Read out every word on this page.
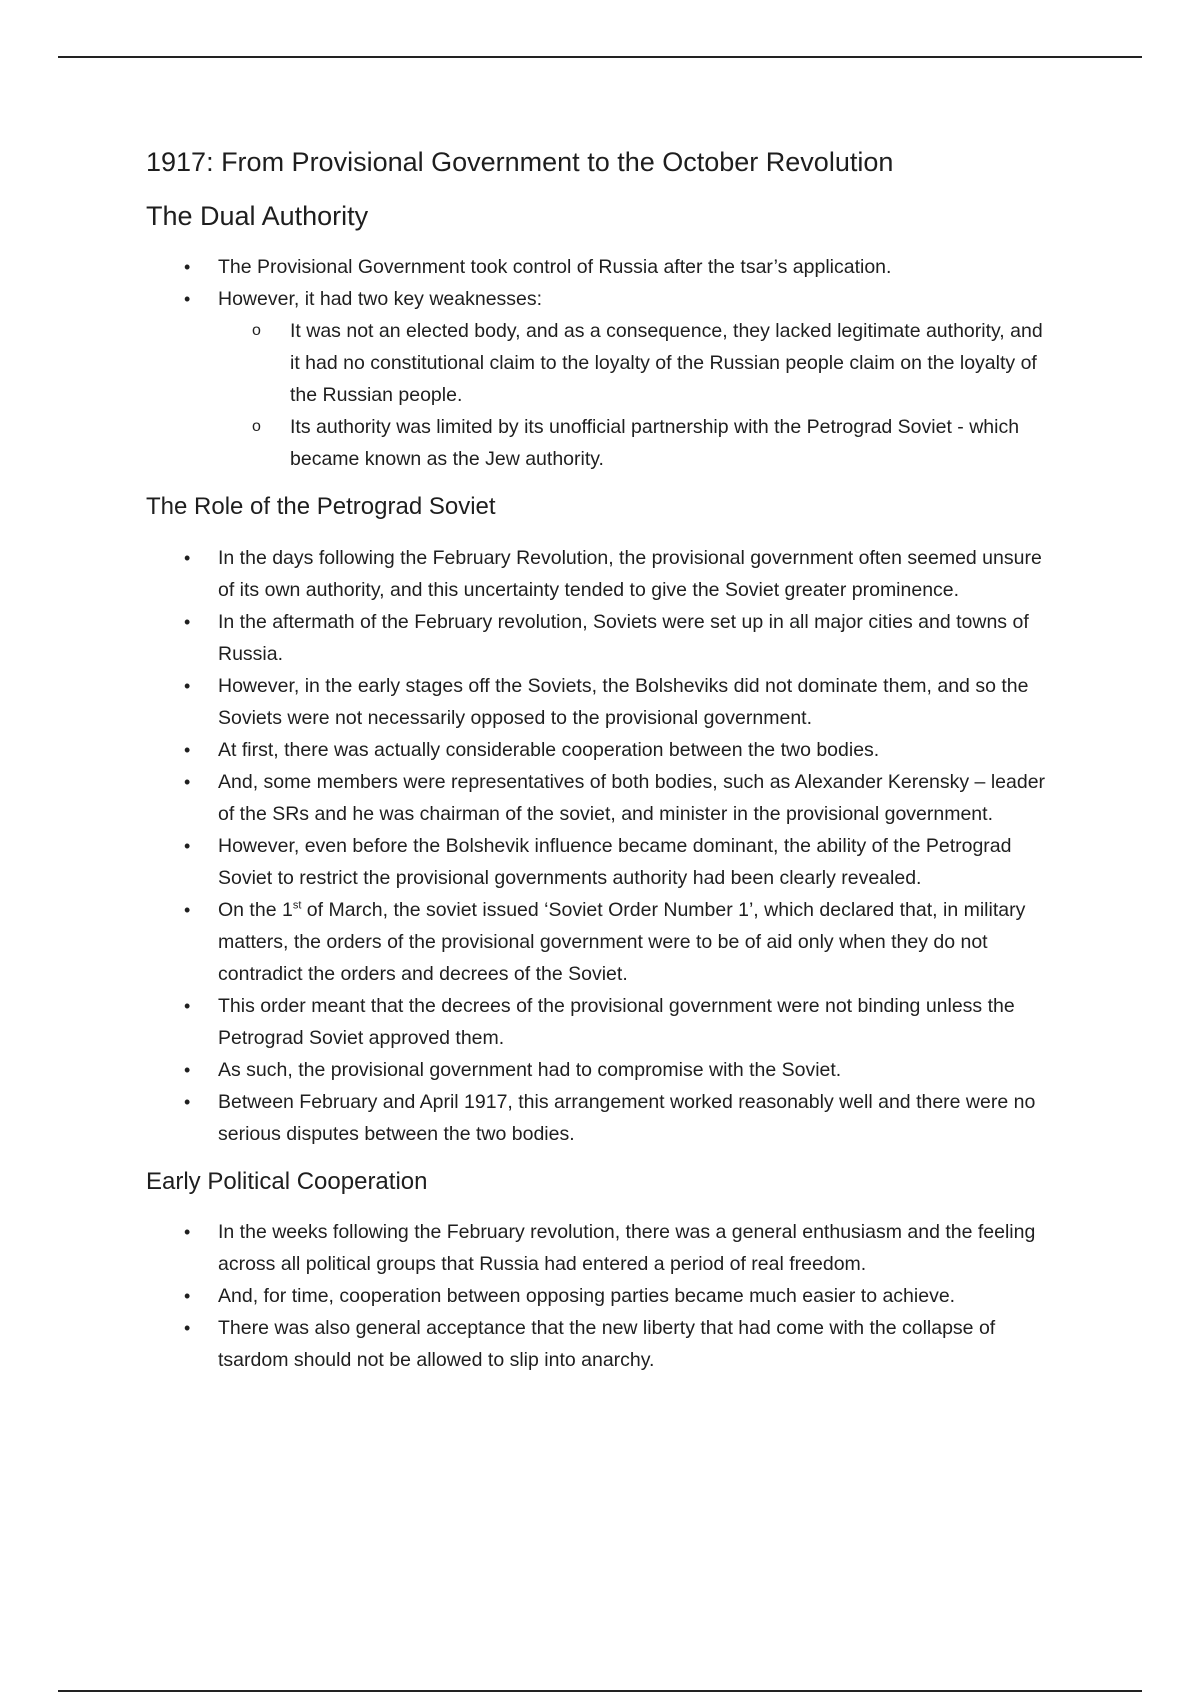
1917: From Provisional Government to the October Revolution
The Dual Authority
• The Provisional Government took control of Russia after the tsar’s application.
• However, it had two key weaknesses:
o It was not an elected body, and as a consequence, they lacked legitimate authority, and it had no constitutional claim to the loyalty of the Russian people claim on the loyalty of the Russian people.
o Its authority was limited by its unofficial partnership with the Petrograd Soviet - which became known as the Jew authority.
The Role of the Petrograd Soviet
• In the days following the February Revolution, the provisional government often seemed unsure of its own authority, and this uncertainty tended to give the Soviet greater prominence.
• In the aftermath of the February revolution, Soviets were set up in all major cities and towns of Russia.
• However, in the early stages off the Soviets, the Bolsheviks did not dominate them, and so the Soviets were not necessarily opposed to the provisional government.
• At first, there was actually considerable cooperation between the two bodies.
• And, some members were representatives of both bodies, such as Alexander Kerensky – leader of the SRs and he was chairman of the soviet, and minister in the provisional government.
• However, even before the Bolshevik influence became dominant, the ability of the Petrograd Soviet to restrict the provisional governments authority had been clearly revealed.
• On the 1st of March, the soviet issued ‘Soviet Order Number 1’, which declared that, in military matters, the orders of the provisional government were to be of aid only when they do not contradict the orders and decrees of the Soviet.
• This order meant that the decrees of the provisional government were not binding unless the Petrograd Soviet approved them.
• As such, the provisional government had to compromise with the Soviet.
• Between February and April 1917, this arrangement worked reasonably well and there were no serious disputes between the two bodies.
Early Political Cooperation
• In the weeks following the February revolution, there was a general enthusiasm and the feeling across all political groups that Russia had entered a period of real freedom.
• And, for time, cooperation between opposing parties became much easier to achieve.
• There was also general acceptance that the new liberty that had come with the collapse of tsardom should not be allowed to slip into anarchy.
